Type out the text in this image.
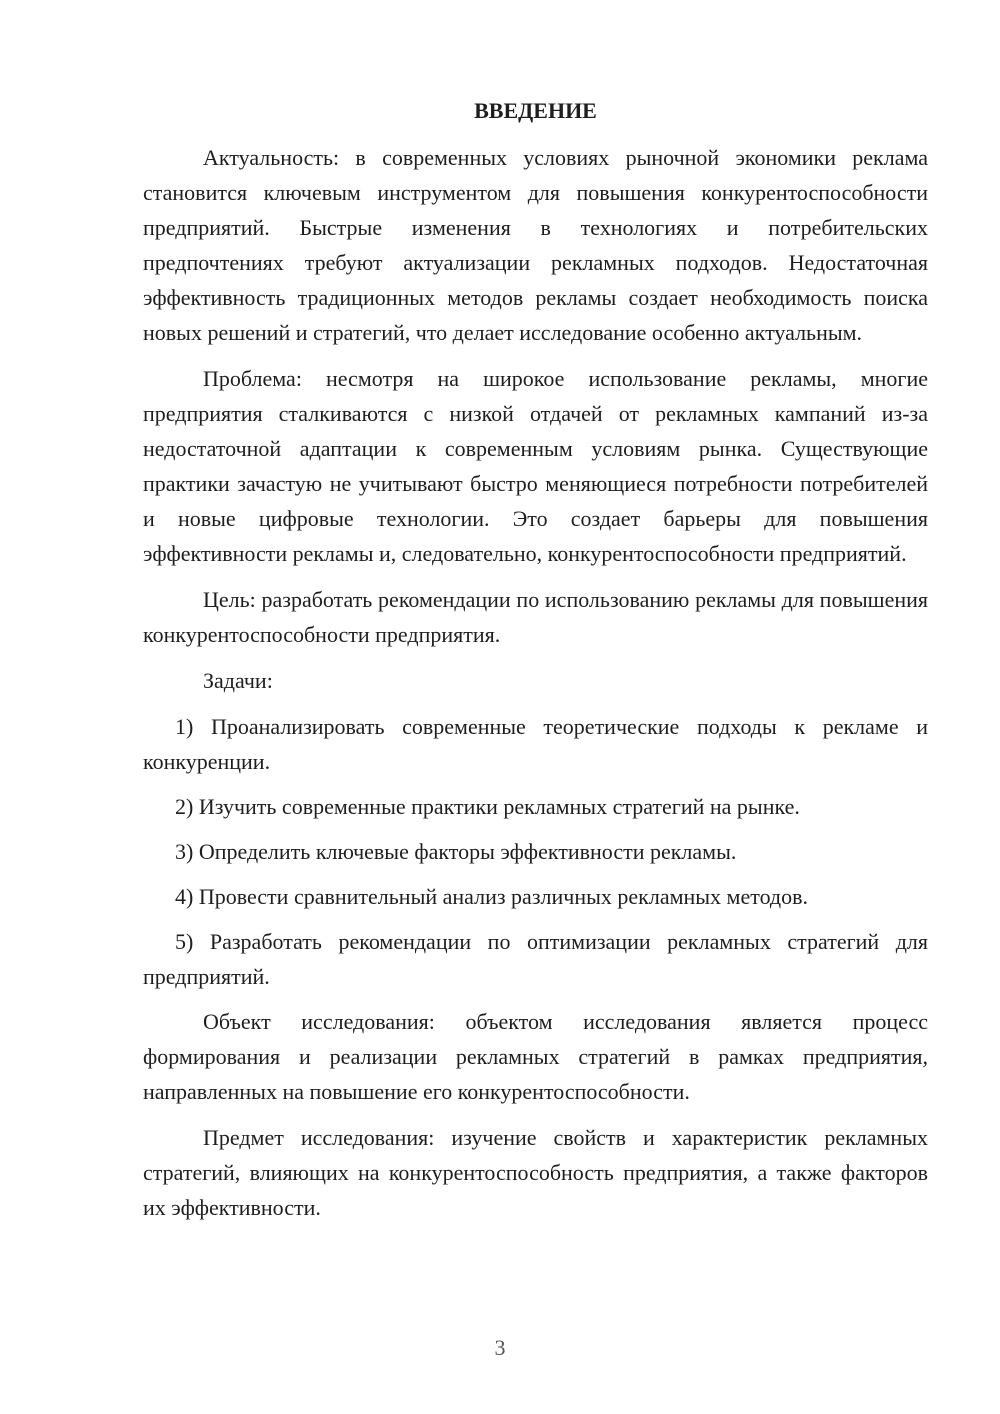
ВВЕДЕНИЕ

Актуальность: в современных условиях рыночной экономики реклама становится ключевым инструментом для повышения конкурентоспособности предприятий. Быстрые изменения в технологиях и потребительских предпочтениях требуют актуализации рекламных подходов. Недостаточная эффективность традиционных методов рекламы создает необходимость поиска новых решений и стратегий, что делает исследование особенно актуальным.

Проблема: несмотря на широкое использование рекламы, многие предприятия сталкиваются с низкой отдачей от рекламных кампаний из-за недостаточной адаптации к современным условиям рынка. Существующие практики зачастую не учитывают быстро меняющиеся потребности потребителей и новые цифровые технологии. Это создает барьеры для повышения эффективности рекламы и, следовательно, конкурентоспособности предприятий.

Цель: разработать рекомендации по использованию рекламы для повышения конкурентоспособности предприятия.

Задачи:

1) Проанализировать современные теоретические подходы к рекламе и конкуренции.

2) Изучить современные практики рекламных стратегий на рынке.

3) Определить ключевые факторы эффективности рекламы.

4) Провести сравнительный анализ различных рекламных методов.

5) Разработать рекомендации по оптимизации рекламных стратегий для предприятий.

Объект исследования: объектом исследования является процесс формирования и реализации рекламных стратегий в рамках предприятия, направленных на повышение его конкурентоспособности.

Предмет исследования: изучение свойств и характеристик рекламных стратегий, влияющих на конкурентоспособность предприятия, а также факторов их эффективности.

3
